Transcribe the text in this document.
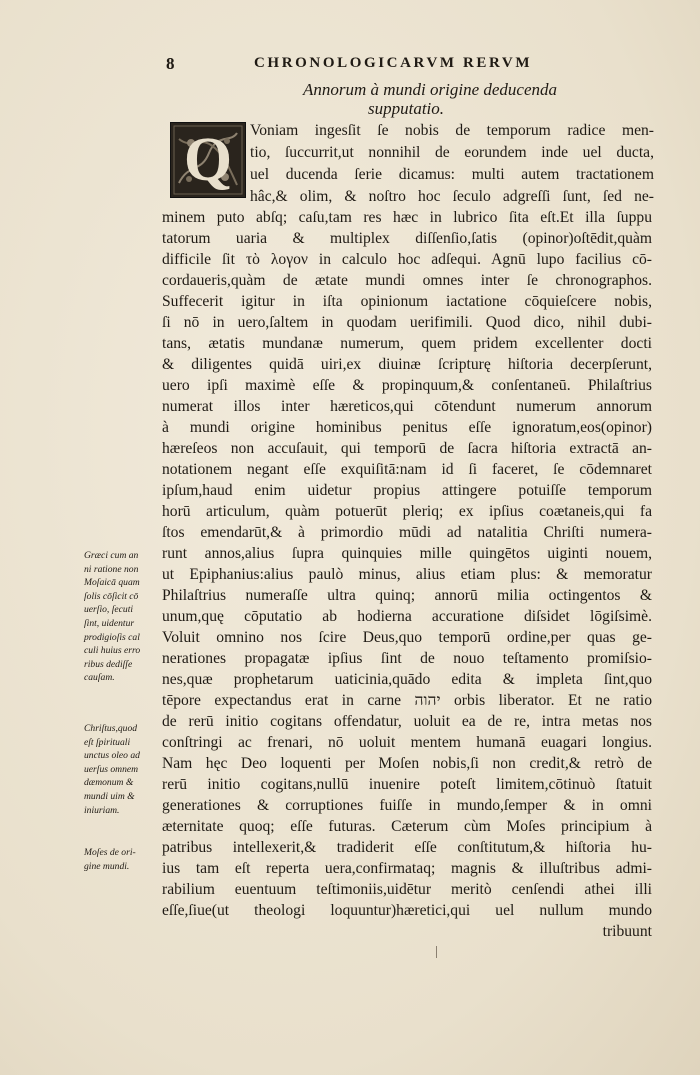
8	CHRONOLOGICARVM RERVM
Annorum à mundi origine deducenda
supputatio.
Q Voniam ingesſit ſe nobis de temporum radice men-
tio, ſuccurrit,ut nonnihil de eorundem inde uel ducta,
uel ducenda ſerie dicamus: multi autem tractationem
hâc,& olim, & noſtro hoc ſeculo adgreſſi ſunt, ſed ne-
minem puto abſq; caſu,tam res hæc in lubrico ſita eſt.Et illa ſuppu
tatorum uaria & multiplex diſſenſio,ſatis (opinor)oſtēdit,quàm
difficile ſit τὸ λογον in calculo hoc adſequi. Agnū lupo facilius cō-
cordaueris,quàm de ætate mundi omnes inter ſe chronographos.
Suffecerit igitur in iſta opinionum iactatione cōquieſcere nobis,
ſi nō in uero,ſaltem in quodam uerifimili. Quod dico, nihil dubi-
tans, ætatis mundanæ numerum, quem pridem excellenter docti
& diligentes quidā uiri,ex diuinæ ſcripturę hiſtoria decerpſerunt,
uero ipſi maximè eſſe & propinquum,& conſentaneū. Philaſtrius
numerat illos inter hæreticos,qui cōtendunt numerum annorum
à mundi origine hominibus penitus eſſe ignoratum,eos(opinor)
hæreſeos non accuſauit, qui temporū de ſacra hiſtoria extractā an-
notationem negant eſſe exquiſitā:nam id ſi faceret, ſe cōdemnaret
ipſum,haud enim uidetur propius attingere potuiſſe temporum
horū articulum, quàm potuerūt pleriq; ex ipſius coætaneis,qui fa
ſtos emendarūt,& à primordio mūdi ad natalitia Chriſti numera-
runt annos,alius ſupra quinquies mille quingētos uiginti nouem,
ut Epiphanius:alius paulò minus, alius etiam plus: & memoratur
Philaſtrius numeraſſe ultra quinq; annorū milia octingentos &
unum,quę cōputatio ab hodierna accuratione diſsidet lōgiſsimè.
Voluit omnino nos ſcire Deus,quo temporū ordine,per quas ge-
nerationes propagatæ ipſius ſint de nouo teſtamento promiſsio-
nes,quæ prophetarum uaticinia,quādo edita & impleta ſint,quo
tēpore expectandus erat in carne יהוה orbis liberator. Et ne ratio
de rerū initio cogitans offendatur, uoluit ea de re, intra metas nos
conſtringi ac frenari, nō uoluit mentem humanā euagari longius.
Nam hęc Deo loquenti per Moſen nobis,ſi non credit,& retrò de
rerū initio cogitans,nullū inuenire poteſt limitem,cōtinuò ſtatuit
generationes & corruptiones fuiſſe in mundo,ſemper & in omni
æternitate quoq; eſſe futuras. Cæterum cùm Moſes principium à
patribus intellexerit,& tradiderit eſſe conſtitutum,& hiſtoria hu-
ius tam eſt reperta uera,confirmataq; magnis & illuſtribus admi-
rabilium euentuum teſtimoniis,uidētur meritò cenſendi athei illi
eſſe,ſiue(ut theologi loquuntur)hæretici,qui uel nullum mundo
tribuunt
Græci cum an
ni ratione non
Moſaicā quam
ſolis cōſicit cō
uerſio, ſecuti
ſint, uidentur
prodigioſis cal
culi huius erro
ribus dediſſe
cauſam.
Chriſtus,quod
eſt ſpirituali
unctus oleo ad
uerſus omnem
dæmonum &
mundi uim &
iniuriam.
Moſes de ori-
gine mundi.
